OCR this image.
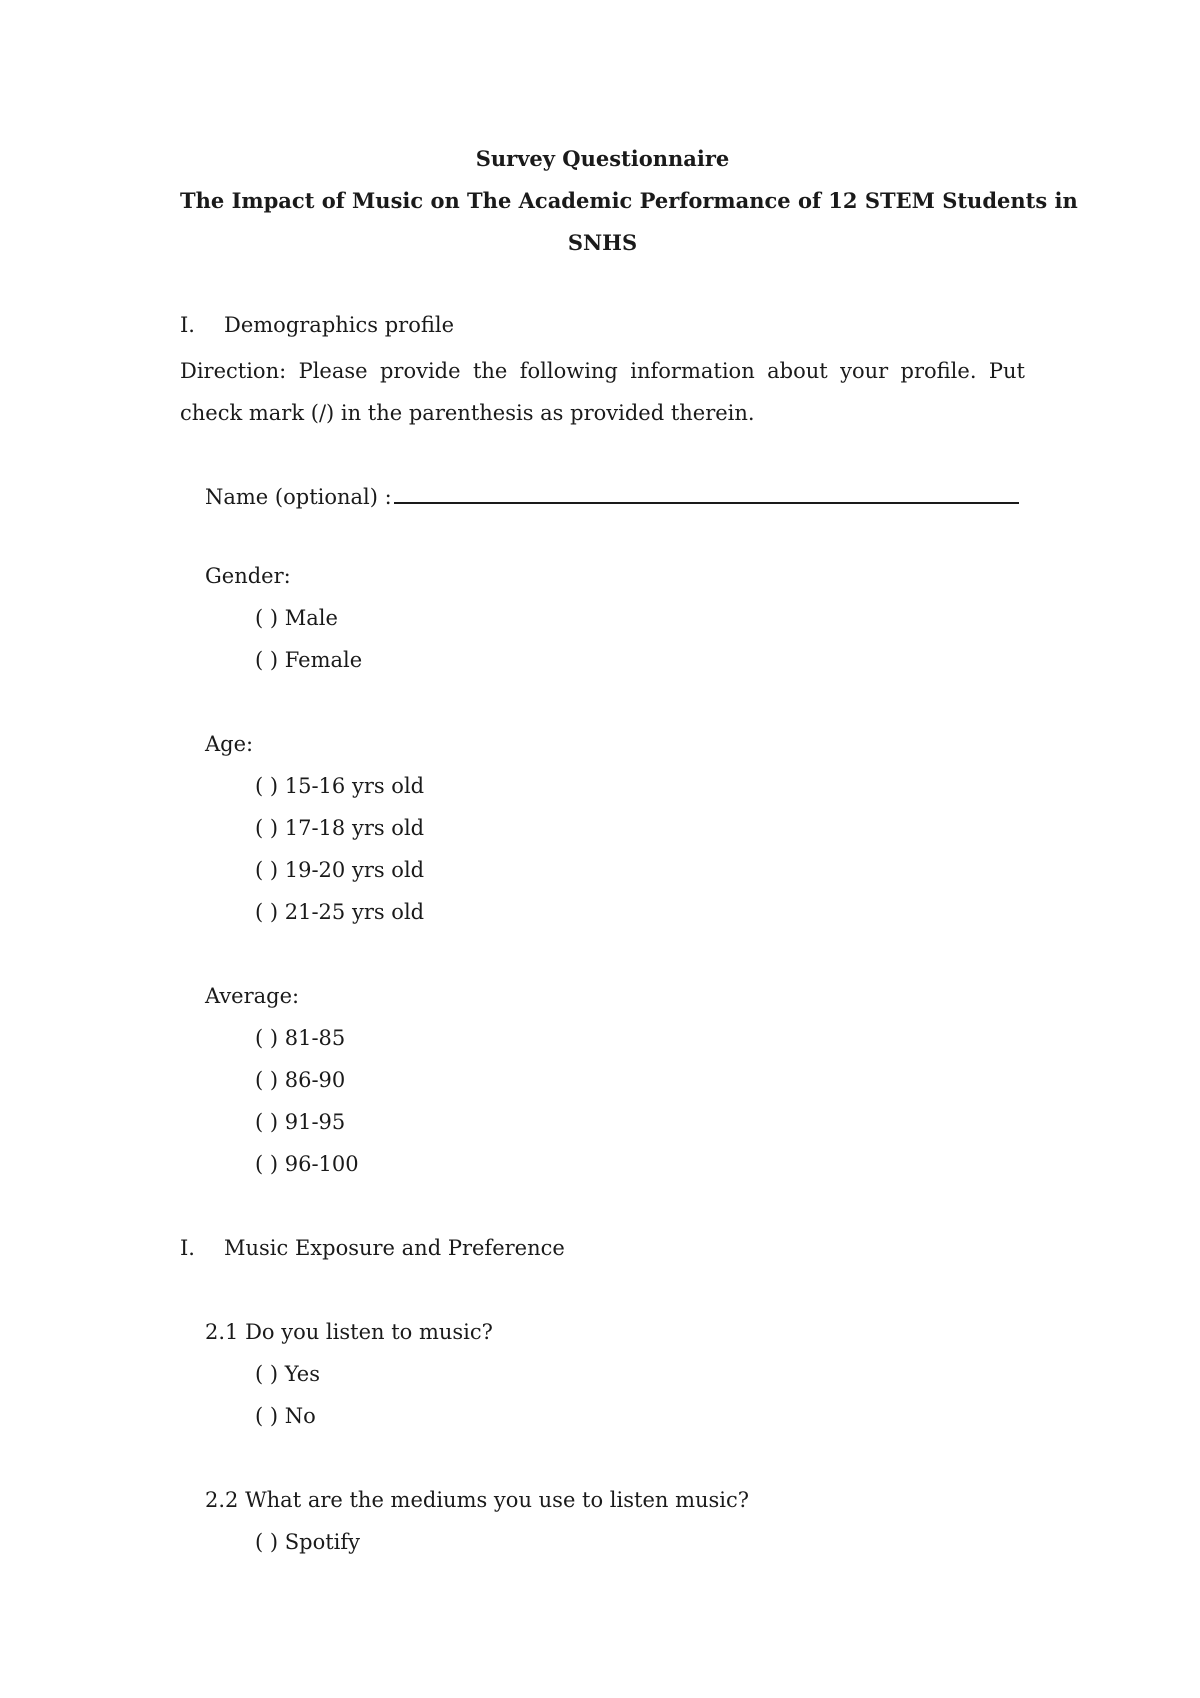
Survey Questionnaire

The Impact of Music on The Academic Performance of 12 STEM Students in

SNHS

I. Demographics profile

Direction: Please provide the following information about your profile. Put check mark (/) in the parenthesis as provided therein.

Name (optional) :

Gender:

( ) Male

( ) Female

Age:

( ) 15-16 yrs old

( ) 17-18 yrs old

( ) 19-20 yrs old

( ) 21-25 yrs old

Average:

( ) 81-85

( ) 86-90

( ) 91-95

( ) 96-100

I. Music Exposure and Preference

2.1 Do you listen to music?

( ) Yes

( ) No

2.2 What are the mediums you use to listen music?

( ) Spotify
